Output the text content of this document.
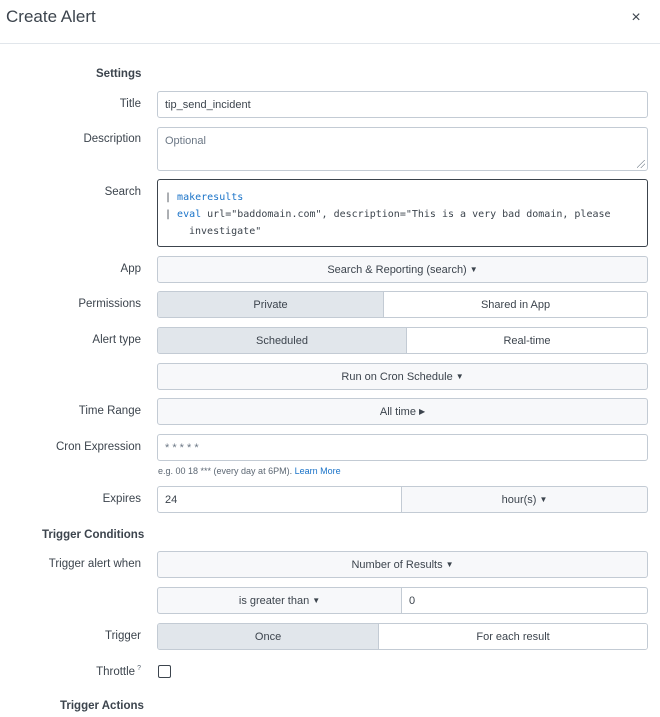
Create Alert	×
Settings
Title tip_send_incident
Description Optional
Search | makeresults
| eval url="baddomain.com", description="This is a very bad domain, please
investigate"
App	Search & Reporting (search) ▼
Permissions	Private	Shared in App
Alert type	Scheduled	Real-time
Run on Cron Schedule ▼
Time Range	All time ▶
Cron Expression * * * * *
e.g. 00 18 *** (every day at 6PM). Learn More
Expires	24	hour(s) ▼
Trigger Conditions
Trigger alert when	Number of Results ▼
is greater than ▼	0
Trigger	Once	For each result
Throttle ?
Trigger Actions
